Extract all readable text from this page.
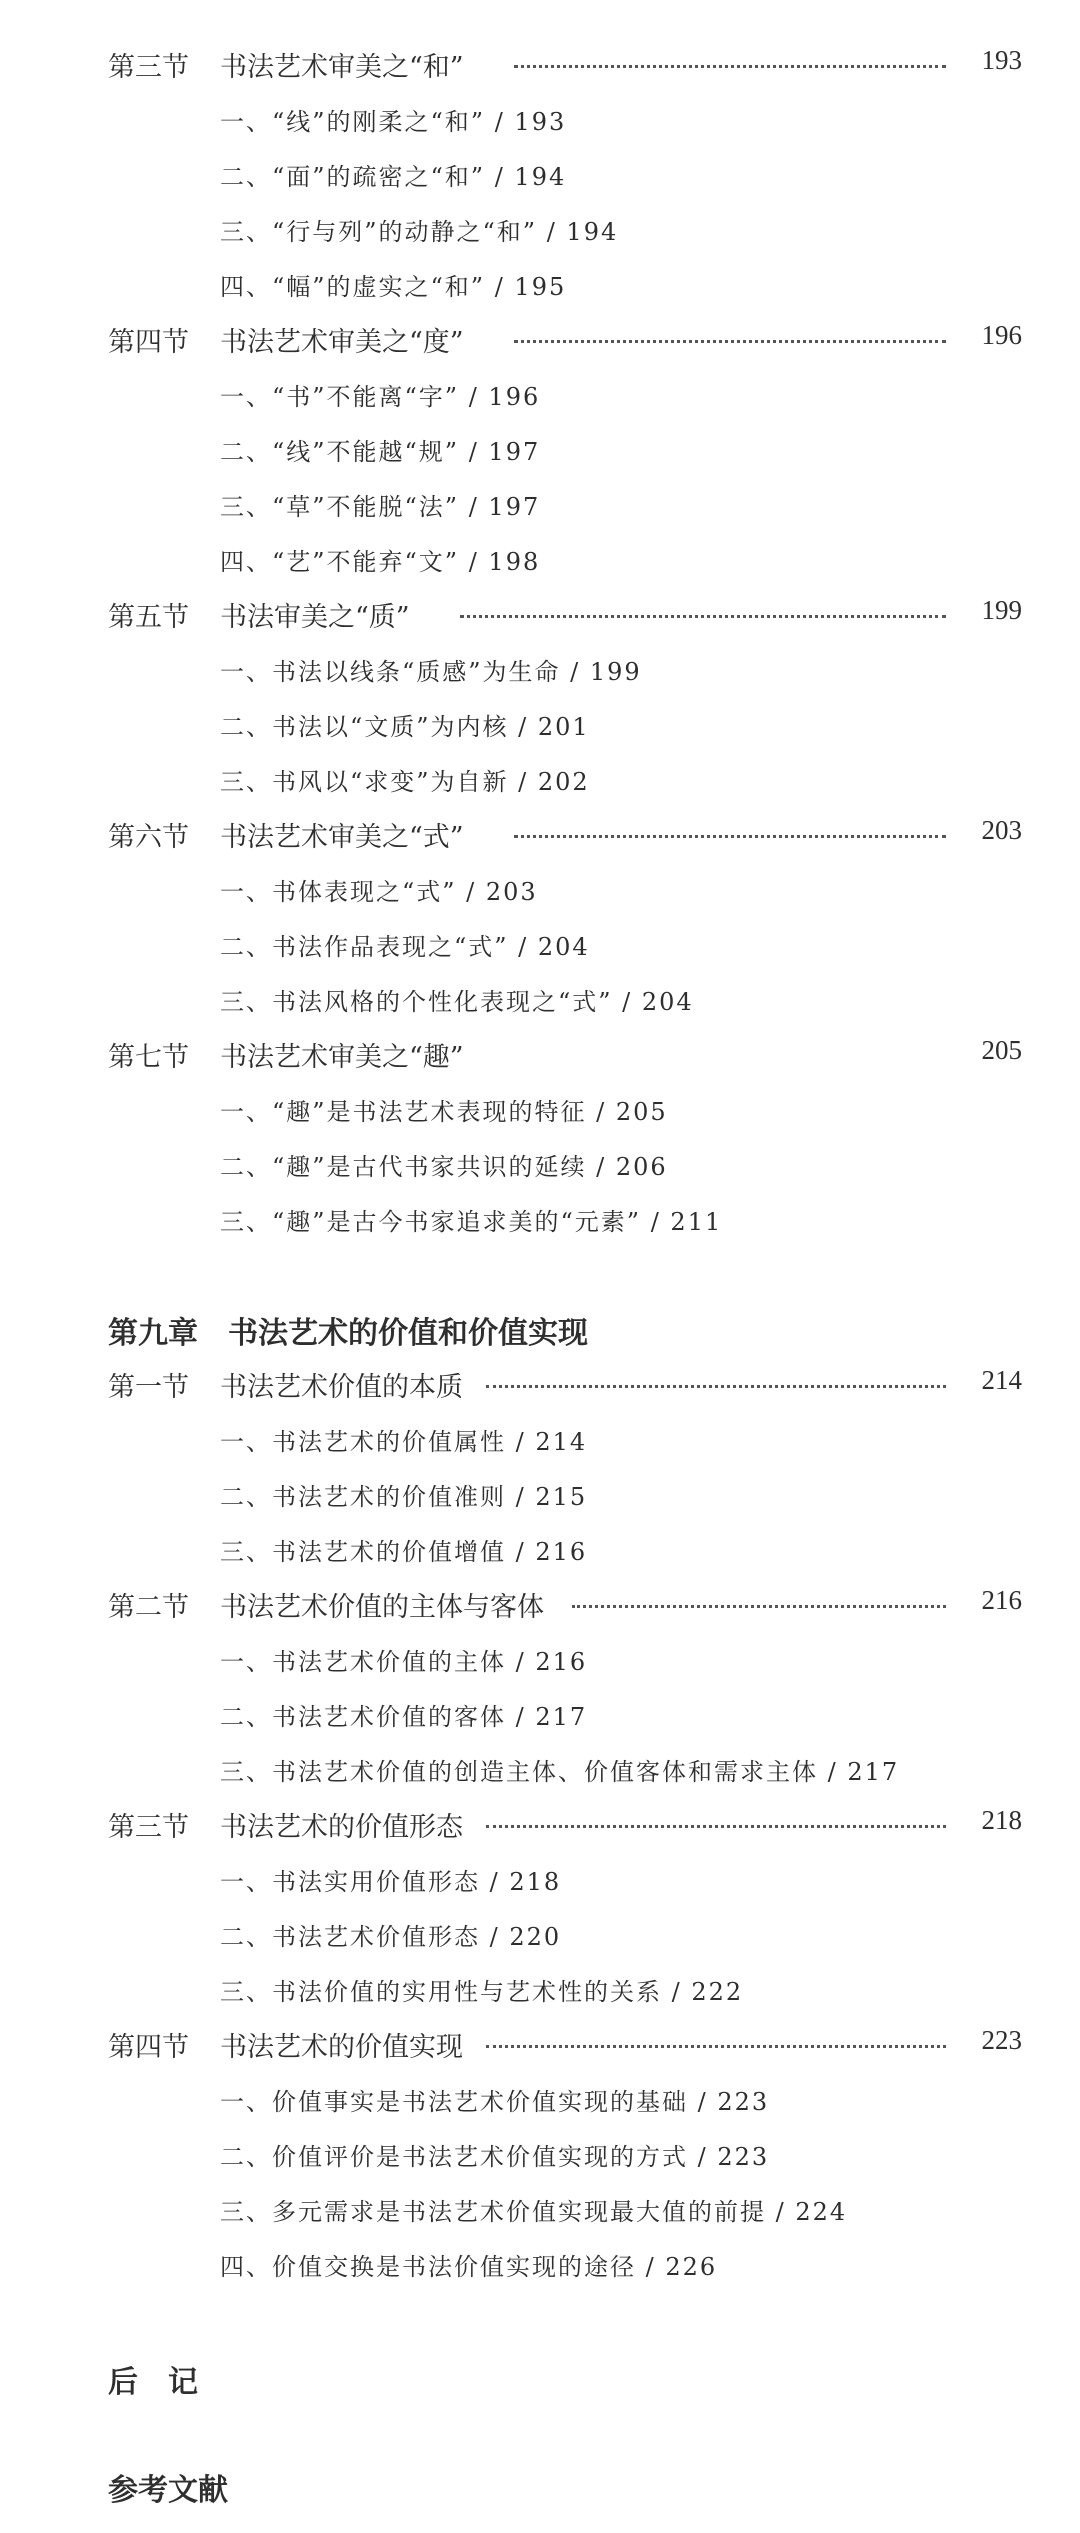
第三节 书法艺术审美之“和”	193
一、“线”的刚柔之“和” / 193
二、“面”的疏密之“和” / 194
三、“行与列”的动静之“和” / 194
四、“幅”的虚实之“和” / 195
第四节 书法艺术审美之“度”	196
一、“书”不能离“字” / 196
二、“线”不能越“规” / 197
三、“草”不能脱“法” / 197
四、“艺”不能弃“文” / 198
第五节 书法审美之“质”	199
一、书法以线条“质感”为生命 / 199
二、书法以“文质”为内核 / 201
三、书风以“求变”为自新 / 202
第六节 书法艺术审美之“式”	203
一、书体表现之“式” / 203
二、书法作品表现之“式” / 204
三、书法风格的个性化表现之“式” / 204
第七节 书法艺术审美之“趣”	205
一、“趣”是书法艺术表现的特征 / 205
二、“趣”是古代书家共识的延续 / 206
三、“趣”是古今书家追求美的“元素” / 211
第九章　书法艺术的价值和价值实现
第一节 书法艺术价值的本质	214
一、书法艺术的价值属性 / 214
二、书法艺术的价值准则 / 215
三、书法艺术的价值增值 / 216
第二节 书法艺术价值的主体与客体	216
一、书法艺术价值的主体 / 216
二、书法艺术价值的客体 / 217
三、书法艺术价值的创造主体、价值客体和需求主体 / 217
第三节 书法艺术的价值形态	218
一、书法实用价值形态 / 218
二、书法艺术价值形态 / 220
三、书法价值的实用性与艺术性的关系 / 222
第四节 书法艺术的价值实现	223
一、价值事实是书法艺术价值实现的基础 / 223
二、价值评价是书法艺术价值实现的方式 / 223
三、多元需求是书法艺术价值实现最大值的前提 / 224
四、价值交换是书法价值实现的途径 / 226
后　记
参考文献
